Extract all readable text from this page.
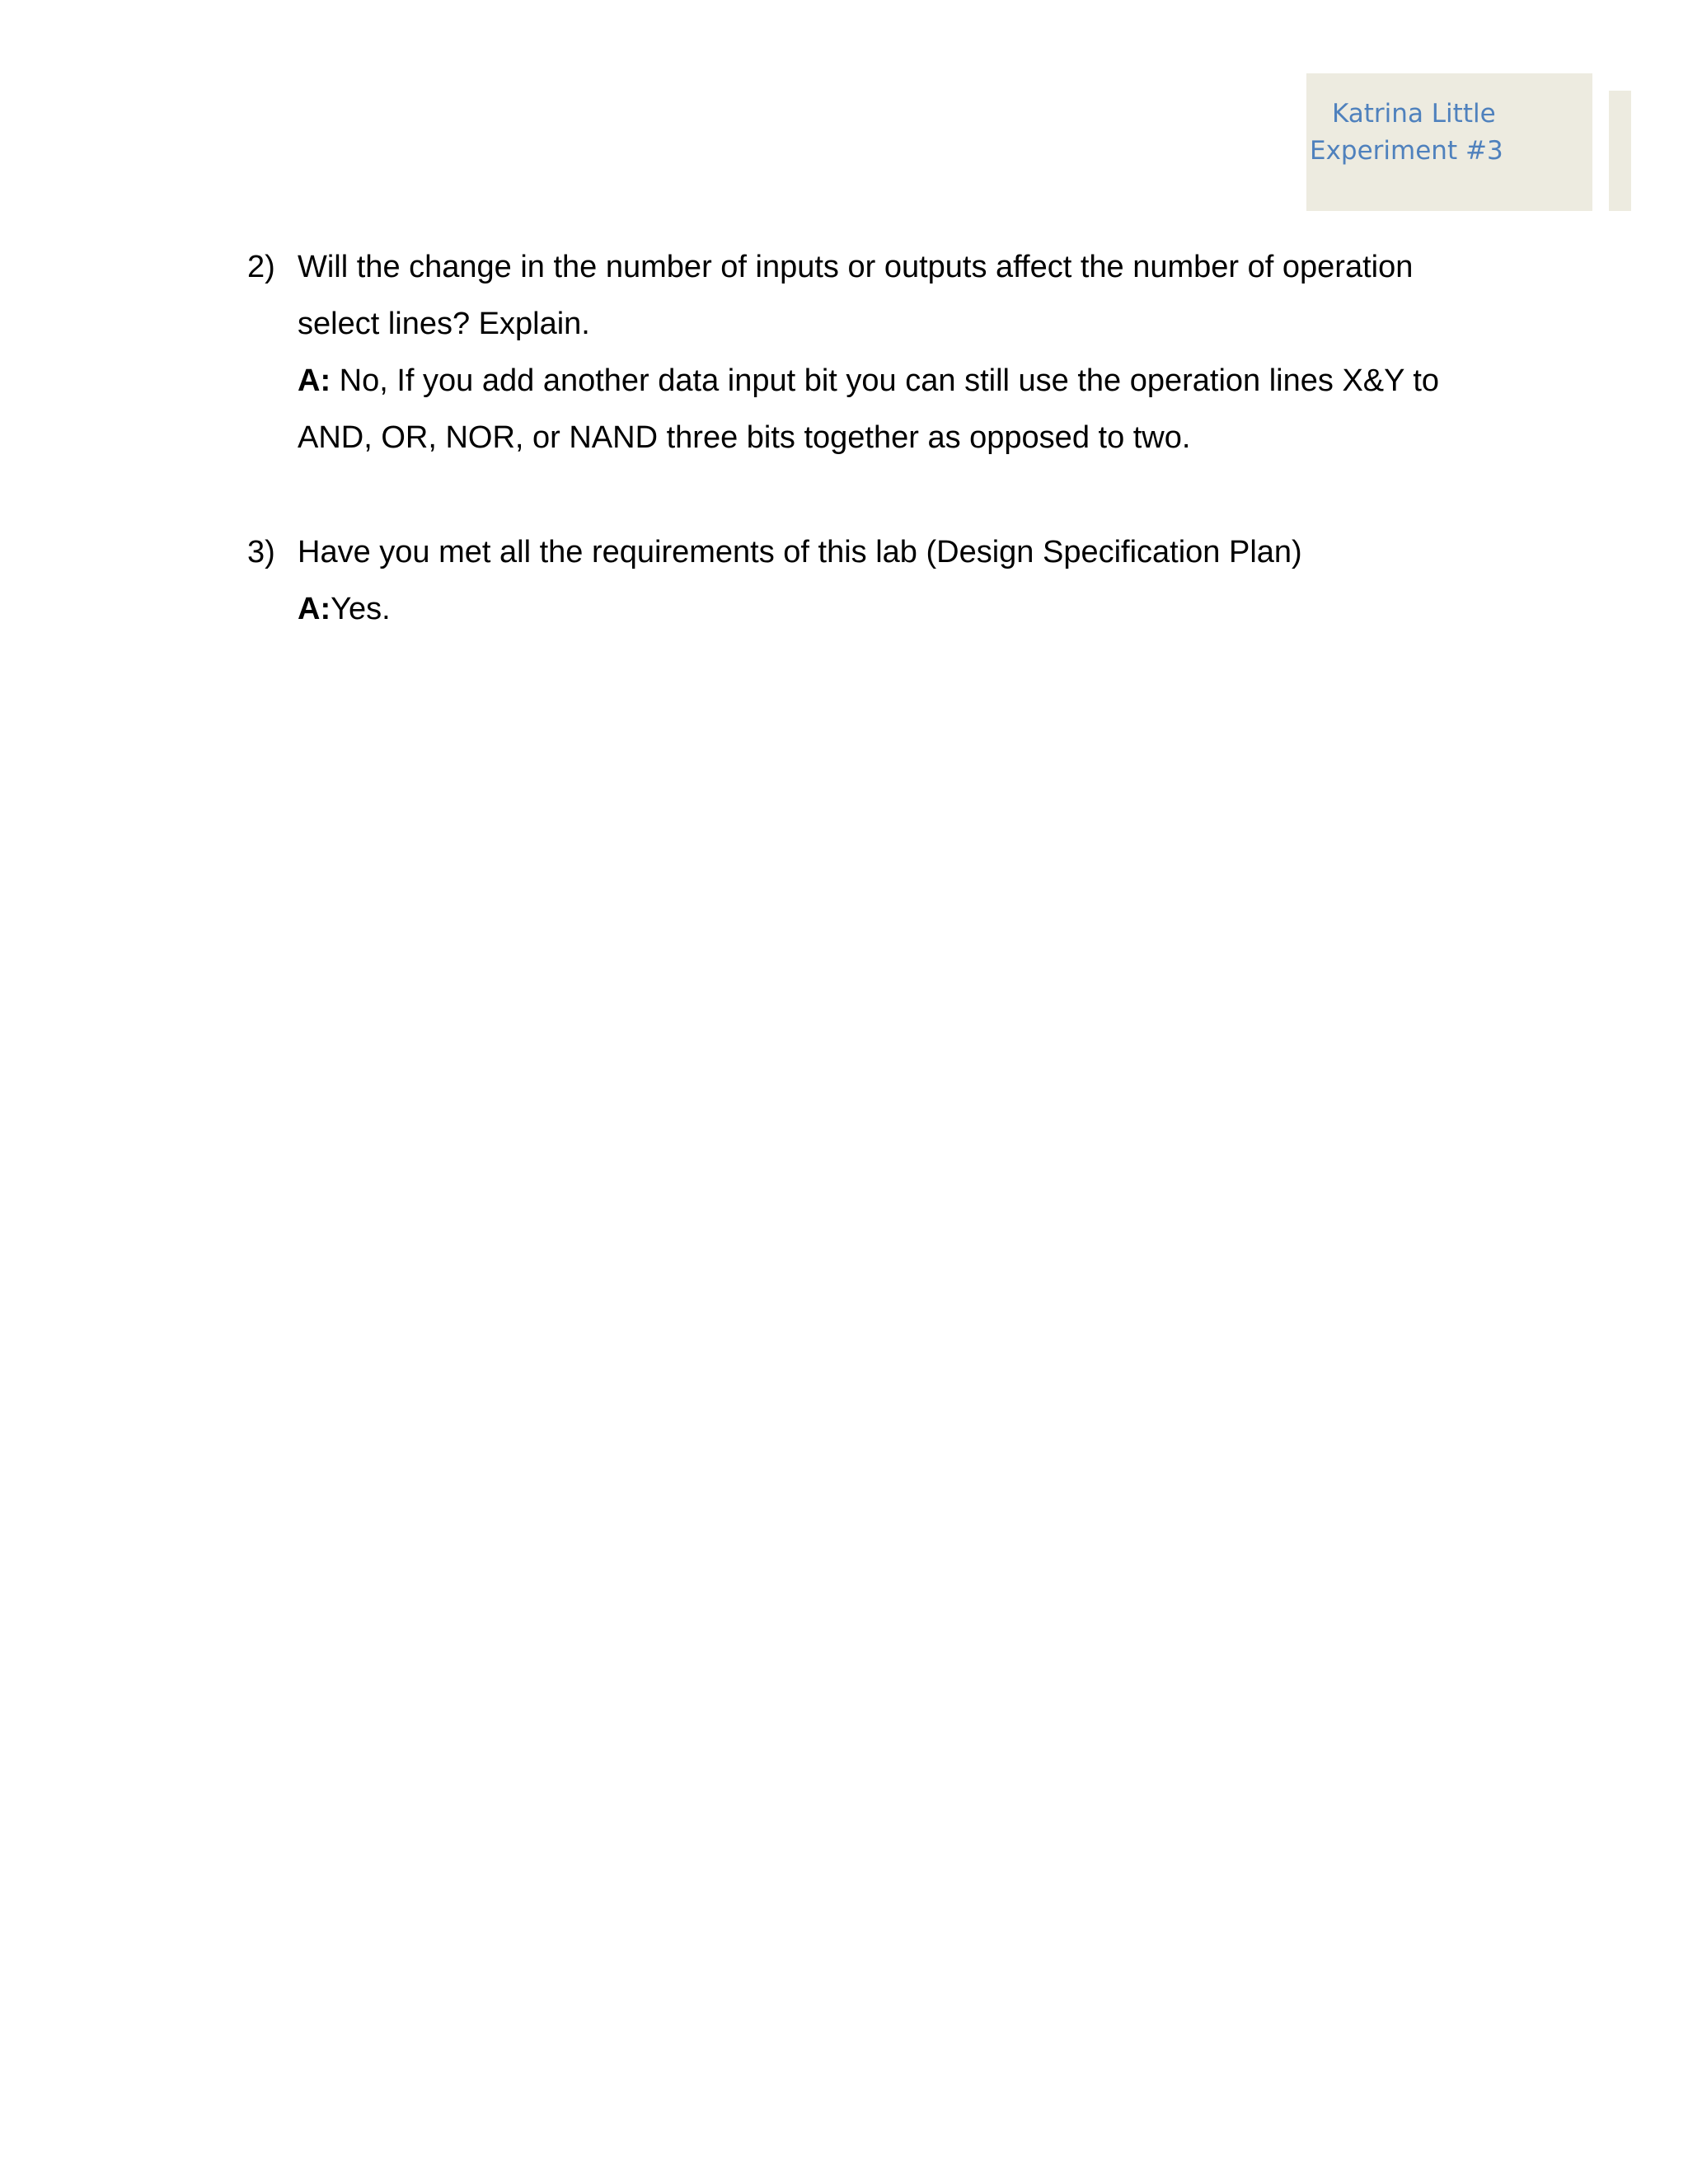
Katrina Little
Experiment #3
2) Will the change in the number of inputs or outputs affect the number of operation select lines? Explain.
A: No, If you add another data input bit you can still use the operation lines X&Y to AND, OR, NOR, or NAND three bits together as opposed to two.
3) Have you met all the requirements of this lab (Design Specification Plan)
A:Yes.
